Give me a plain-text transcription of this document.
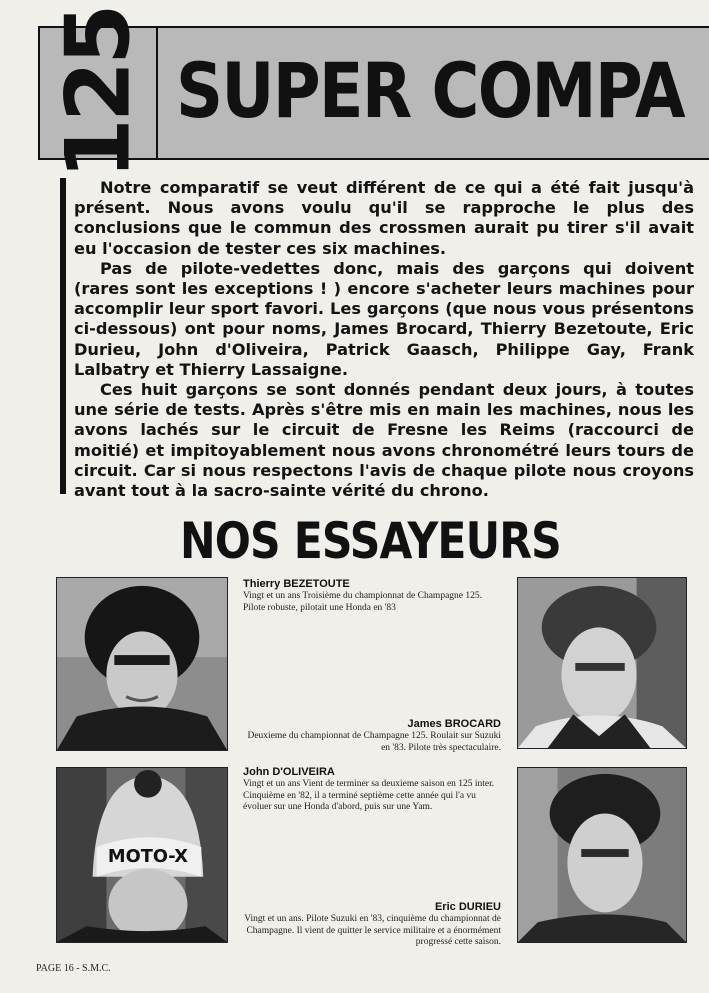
125 SUPER COMPA

Notre comparatif se veut différent de ce qui a été fait jusqu'à présent. Nous avons voulu qu'il se rapproche le plus des conclusions que le commun des crossmen aurait pu tirer s'il avait eu l'occasion de tester ces six machines.

Pas de pilote-vedettes donc, mais des garçons qui doivent (rares sont les exceptions ! ) encore s'acheter leurs machines pour accomplir leur sport favori. Les garçons (que nous vous présentons ci-dessous) ont pour noms, James Brocard, Thierry Bezetoute, Eric Durieu, John d'Oliveira, Patrick Gaasch, Philippe Gay, Frank Lalbatry et Thierry Lassaigne.

Ces huit garçons se sont donnés pendant deux jours, à toutes une série de tests. Après s'être mis en main les machines, nous les avons lachés sur le circuit de Fresne les Reims (raccourci de moitié) et impitoyablement nous avons chronométré leurs tours de circuit. Car si nous respectons l'avis de chaque pilote nous croyons avant tout à la sacro-sainte vérité du chrono.

NOS ESSAYEURS
Thierry BEZETOUTE
Vingt et un ans Troisième du championnat de Champagne 125. Pilote robuste, pilotait une Honda en '83
James BROCARD
Deuxieme du championnat de Champagne 125. Roulait sur Suzuki en '83. Pilote très spectaculaire.
MOTO-X
John D'OLIVEIRA
Vingt et un ans Vient de terminer sa deuxieme saison en 125 inter. Cinquième en '82, il a terminé septième cette année qui l'a vu évoluer sur une Honda d'abord, puis sur une Yam.
Eric DURIEU
Vingt et un ans. Pilote Suzuki en '83, cinquième du championnat de Champagne. Il vient de quitter le service militaire et a énormément progressé cette saison.
PAGE 16 - S.M.C.
